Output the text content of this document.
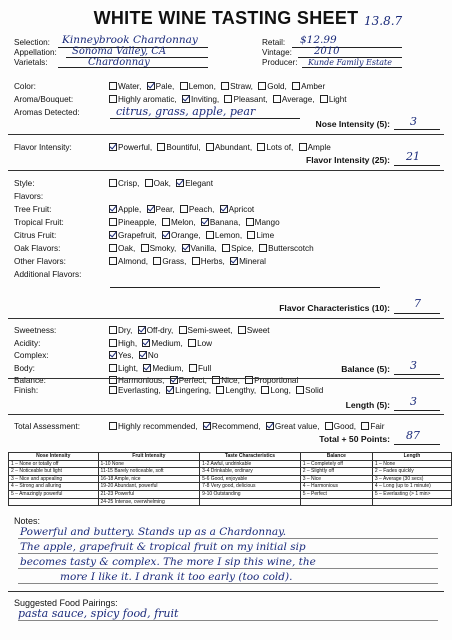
WHITE WINE TASTING SHEET 13.8.7
Selection: Kinneybrook Chardonnay
Appellation: Sonoma Valley, CA
Varietals:	Chardonnay
Retail: $12.99
Vintage: 2010
Producer: Kunde Family Estate
Color:	Water, Pale, Lemon, Straw, Gold, Amber
Aroma/Bouquet:	Highly aromatic, Inviting, Pleasant, Average, Light
Aromas Detected:	citrus, grass, apple, pear
Nose Intensity (5): 3
Flavor Intensity:	Powerful, Bountiful, Abundant, Lots of, Ample
Flavor Intensity (25): 21
Style:	Crisp, Oak, Elegant
Flavors:
Tree Fruit:	Apple, Pear, Peach, Apricot
Tropical Fruit:	Pineapple, Melon, Banana, Mango
Citrus Fruit:	Grapefruit, Orange, Lemon, Lime
Oak Flavors:	Oak, Smoky, Vanilla, Spice, Butterscotch
Other Flavors:	Almond, Grass, Herbs, Mineral
Additional Flavors:
Flavor Characteristics (10): 7
Sweetness:	Dry, Off-dry, Semi-sweet, Sweet
Acidity:	High, Medium, Low
Complex:	Yes, No
Body:	Light, Medium, Full
Balance:	Harmonious, Perfect, Nice, Proportional
Balance (5): 3
Finish:	Everlasting, Lingering, Lengthy, Long, Solid
Length (5): 3
Total Assessment:	Highly recommended, Recommend, Great value, Good, Fair
Total + 50 Points: 87
Nose Intensity	Fruit Intensity	Taste Characteristics	Balance	Length
1 – None or totally off	1-10 None	1-2 Awful, undrinkable	1 – Completely off	1 – None
2 – Noticeable but light	11-15 Barely noticeable, soft	3-4 Drinkable, ordinary	2 – Slightly off	2 – Fades quickly
3 – Nice and appealing	16-18 Ample, nice	5-6 Good, enjoyable	3 – Nice	3 – Average (30 secs)
4 – Strong and alluring	19-20 Abundant, powerful	7-8 Very good, delicious	4 – Harmonious	4 – Long (up to 1 minute)
5 – Amazingly powerful	21-23 Powerful	9-10 Outstanding	5 – Perfect	5 – Everlasting (> 1 min>
	24-25 Intense, overwhelming			
Notes:
Powerful and buttery. Stands up as a Chardonnay.
The apple, grapefruit & tropical fruit on my initial sip
becomes tasty & complex. The more I sip this wine, the
more I like it. I drank it too early (too cold).
Suggested Food Pairings:
pasta sauce, spicy food, fruit
